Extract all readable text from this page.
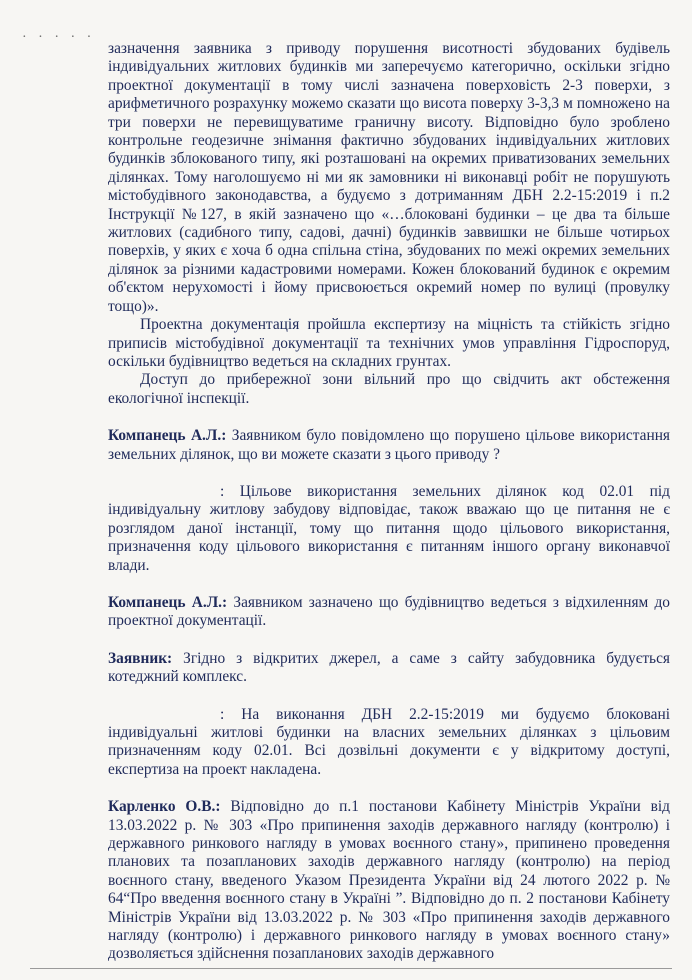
· · · · ·

зазначення заявника з приводу порушення висотності збудованих будівель індивідуальних житлових будинків ми заперечуємо категорично, оскільки згідно проектної документації в тому числі зазначена поверховість 2-3 поверхи, з арифметичного розрахунку можемо сказати що висота поверху 3-3,3 м помножено на три поверхи не перевищуватиме граничну висоту. Відповідно було зроблено контрольне геодезичне знімання фактично збудованих індивідуальних житлових будинків зблокованого типу, які розташовані на окремих приватизованих земельних ділянках. Тому наголошуємо ні ми як замовники ні виконавці робіт не порушують містобудівного законодавства, а будуємо з дотриманням ДБН 2.2-15:2019 і п.2 Інструкції №127, в якій зазначено що «…блоковані будинки – це два та більше житлових (садибного типу, садові, дачні) будинків заввишки не більше чотирьох поверхів, у яких є хоча б одна спільна стіна, збудованих по межі окремих земельних ділянок за різними кадастровими номерами. Кожен блокований будинок є окремим об'єктом нерухомості і йому присвоюється окремий номер по вулиці (провулку тощо)».

Проектна документація пройшла експертизу на міцність та стійкість згідно приписів містобудівної документації та технічних умов управління Гідроспоруд, оскільки будівництво ведеться на складних грунтах.

Доступ до прибережної зони вільний про що свідчить акт обстеження екологічної інспекції.

Компанець А.Л.: Заявником було повідомлено що порушено цільове використання земельних ділянок, що ви можете сказати з цього приводу ?

: Цільове використання земельних ділянок код 02.01 під індивідуальну житлову забудову відповідає, також вважаю що це питання не є розглядом даної інстанції, тому що питання щодо цільового використання, призначення коду цільового використання є питанням іншого органу виконавчої влади.

Компанець А.Л.: Заявником зазначено що будівництво ведеться з відхиленням до проектної документації.

Заявник: Згідно з відкритих джерел, а саме з сайту забудовника будується котеджний комплекс.

: На виконання ДБН 2.2-15:2019 ми будуємо блоковані індивідуальні житлові будинки на власних земельних ділянках з цільовим призначенням коду 02.01. Всі дозвільні документи є у відкритому доступі, експертиза на проект накладена.

Карленко О.В.: Відповідно до п.1 постанови Кабінету Міністрів України від 13.03.2022 р. № 303 «Про припинення заходів державного нагляду (контролю) і державного ринкового нагляду в умовах воєнного стану», припинено проведення планових та позапланових заходів державного нагляду (контролю) на період воєнного стану, введеного Указом Президента України від 24 лютого 2022 р. № 64“Про введення воєнного стану в Україні ”. Відповідно до п. 2 постанови Кабінету Міністрів України від 13.03.2022 р. № 303 «Про припинення заходів державного нагляду (контролю) і державного ринкового нагляду в умовах воєнного стану» дозволяється здійснення позапланових заходів державного
